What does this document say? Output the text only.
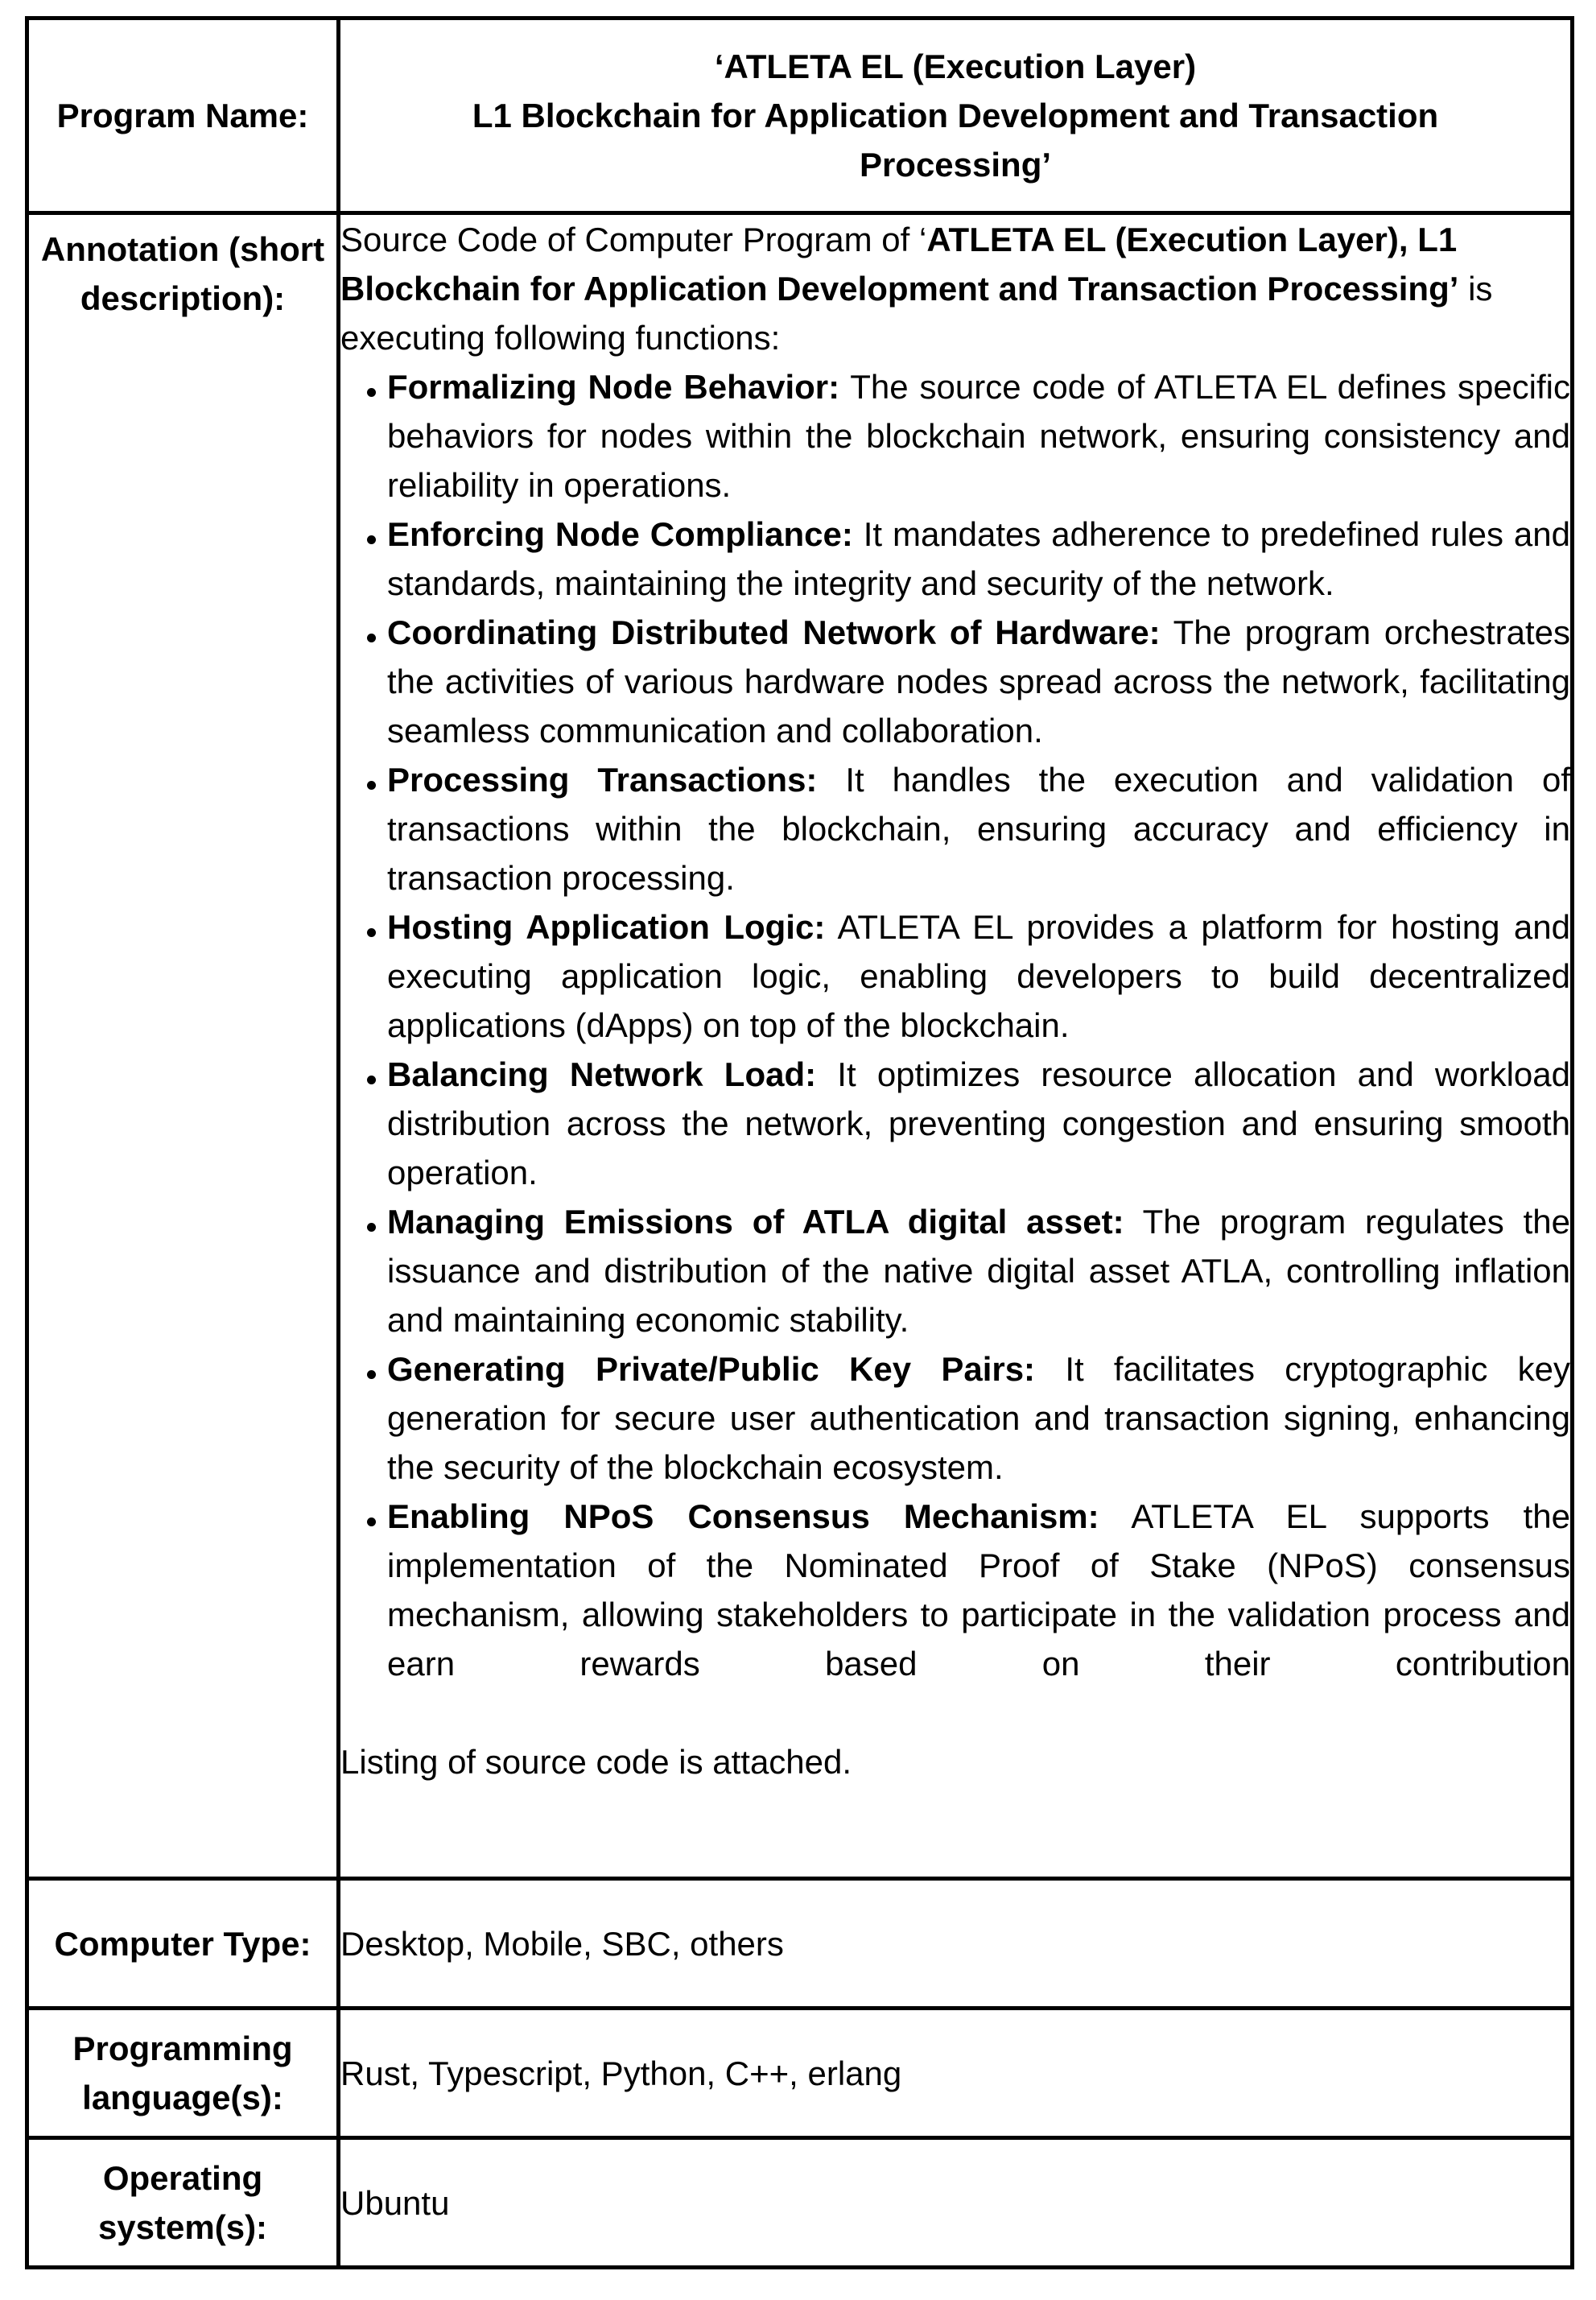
Program Name:	‘ATLETA EL (Execution Layer)
L1 Blockchain for Application Development and Transaction
Processing’

Annotation (short description):	

Source Code of Computer Program of ‘ATLETA EL (Execution Layer), L1 Blockchain for Application Development and Transaction Processing’ is executing following functions:

Formalizing Node Behavior: The source code of ATLETA EL defines specific behaviors for nodes within the blockchain network, ensuring consistency and reliability in operations.
Enforcing Node Compliance: It mandates adherence to predefined rules and standards, maintaining the integrity and security of the network.
Coordinating Distributed Network of Hardware: The program orchestrates the activities of various hardware nodes spread across the network, facilitating seamless communication and collaboration.
Processing Transactions: It handles the execution and validation of transactions within the blockchain, ensuring accuracy and efficiency in transaction processing.
Hosting Application Logic: ATLETA EL provides a platform for hosting and executing application logic, enabling developers to build decentralized applications (dApps) on top of the blockchain.
Balancing Network Load: It optimizes resource allocation and workload distribution across the network, preventing congestion and ensuring smooth operation.
Managing Emissions of ATLA digital asset: The program regulates the issuance and distribution of the native digital asset ATLA, controlling inflation and maintaining economic stability.
Generating Private/Public Key Pairs: It facilitates cryptographic key generation for secure user authentication and transaction signing, enhancing the security of the blockchain ecosystem.
Enabling NPoS Consensus Mechanism: ATLETA EL supports the implementation of the Nominated Proof of Stake (NPoS) consensus mechanism, allowing stakeholders to participate in the validation process and earn rewards based on their contribution

Listing of source code is attached.

Computer Type:	Desktop, Mobile, SBC, others
Programming language(s):	Rust, Typescript, Python, C++, erlang
Operating system(s):	Ubuntu
